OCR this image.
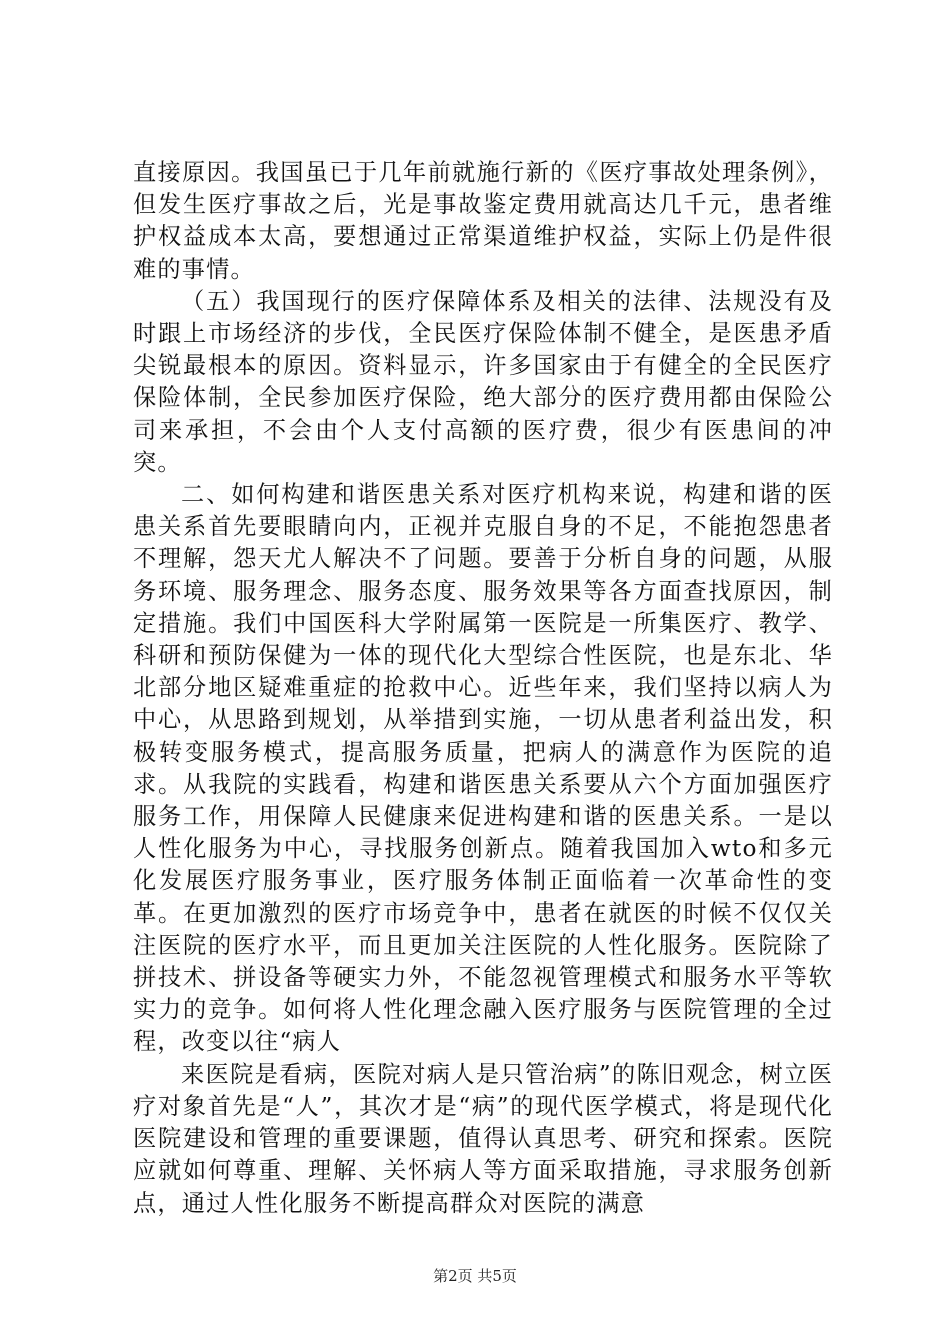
直接原因。我国虽已于几年前就施行新的《医疗事故处理条例》，但发生医疗事故之后，光是事故鉴定费用就高达几千元，患者维护权益成本太高，要想通过正常渠道维护权益，实际上仍是件很难的事情。

（五）我国现行的医疗保障体系及相关的法律、法规没有及时跟上市场经济的步伐，全民医疗保险体制不健全，是医患矛盾尖锐最根本的原因。资料显示，许多国家由于有健全的全民医疗保险体制，全民参加医疗保险，绝大部分的医疗费用都由保险公司来承担，不会由个人支付高额的医疗费，很少有医患间的冲突。

二、如何构建和谐医患关系对医疗机构来说，构建和谐的医患关系首先要眼睛向内，正视并克服自身的不足，不能抱怨患者不理解，怨天尤人解决不了问题。要善于分析自身的问题，从服务环境、服务理念、服务态度、服务效果等各方面查找原因，制定措施。我们中国医科大学附属第一医院是一所集医疗、教学、科研和预防保健为一体的现代化大型综合性医院，也是东北、华北部分地区疑难重症的抢救中心。近些年来，我们坚持以病人为中心，从思路到规划，从举措到实施，一切从患者利益出发，积极转变服务模式，提高服务质量，把病人的满意作为医院的追求。从我院的实践看，构建和谐医患关系要从六个方面加强医疗服务工作，用保障人民健康来促进构建和谐的医患关系。一是以人性化服务为中心，寻找服务创新点。随着我国加入wto和多元化发展医疗服务事业，医疗服务体制正面临着一次革命性的变革。在更加激烈的医疗市场竞争中，患者在就医的时候不仅仅关注医院的医疗水平，而且更加关注医院的人性化服务。医院除了拼技术、拼设备等硬实力外，不能忽视管理模式和服务水平等软实力的竞争。如何将人性化理念融入医疗服务与医院管理的全过程，改变以往“病人

来医院是看病，医院对病人是只管治病”的陈旧观念，树立医疗对象首先是“人”，其次才是“病”的现代医学模式，将是现代化医院建设和管理的重要课题，值得认真思考、研究和探索。医院应就如何尊重、理解、关怀病人等方面采取措施，寻求服务创新点，通过人性化服务不断提高群众对医院的满意

第2页 共5页
